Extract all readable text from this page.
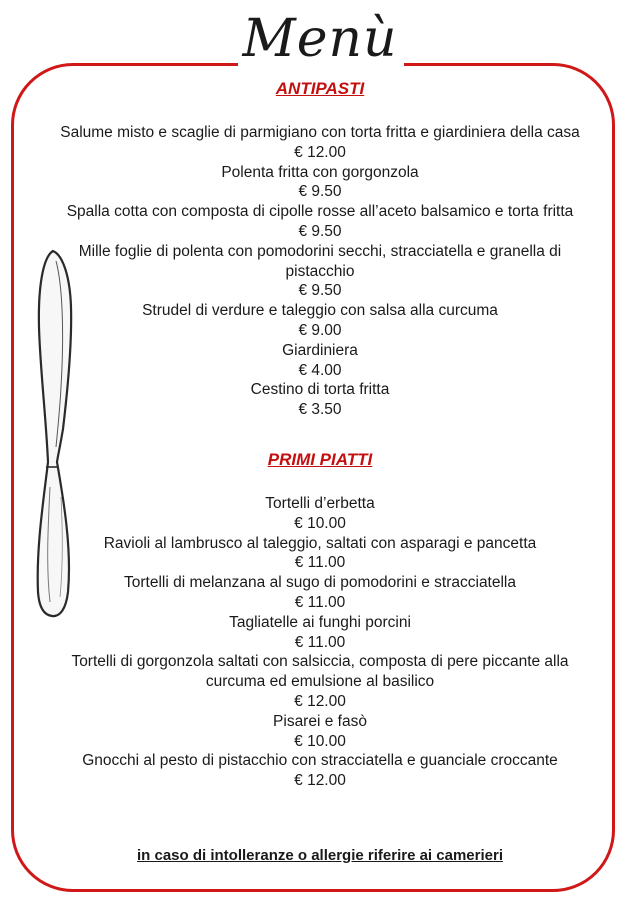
Menù
ANTIPASTI
Salume misto e scaglie di parmigiano con torta fritta e giardiniera della casa
€ 12.00
Polenta fritta con gorgonzola
€ 9.50
Spalla cotta con composta di cipolle rosse all’aceto balsamico e torta fritta
€ 9.50
Mille foglie di polenta con pomodorini secchi, stracciatella e granella di pistacchio
€ 9.50
Strudel di verdure e taleggio con salsa alla curcuma
€ 9.00
Giardiniera
€ 4.00
Cestino di torta fritta
€ 3.50
PRIMI PIATTI
Tortelli d’erbetta
€ 10.00
Ravioli al lambrusco al taleggio, saltati con asparagi e pancetta
€ 11.00
Tortelli di melanzana al sugo di pomodorini e stracciatella
€ 11.00
Tagliatelle ai funghi porcini
€ 11.00
Tortelli di gorgonzola saltati con salsiccia, composta di pere piccante alla curcuma ed emulsione al basilico
€ 12.00
Pisarei e fasò
€ 10.00
Gnocchi al pesto di pistacchio con stracciatella e guanciale croccante
€ 12.00
in caso di intolleranze o allergie riferire ai camerieri
